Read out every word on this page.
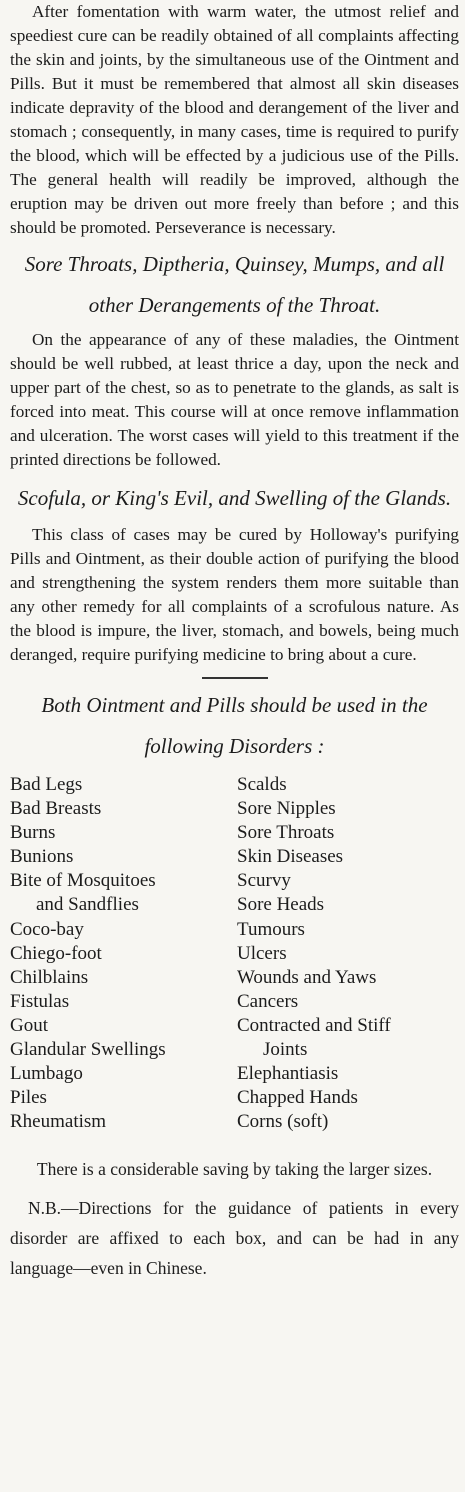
After fomentation with warm water, the utmost relief and speediest cure can be readily obtained of all complaints affecting the skin and joints, by the simultaneous use of the Ointment and Pills. But it must be remembered that almost all skin diseases indicate depravity of the blood and derangement of the liver and stomach ; consequently, in many cases, time is required to purify the blood, which will be effected by a judicious use of the Pills. The general health will readily be improved, although the eruption may be driven out more freely than before ; and this should be promoted. Perseverance is necessary.

Sore Throats, Diptheria, Quinsey, Mumps, and all other Derangements of the Throat.

On the appearance of any of these maladies, the Ointment should be well rubbed, at least thrice a day, upon the neck and upper part of the chest, so as to penetrate to the glands, as salt is forced into meat. This course will at once remove inflammation and ulceration. The worst cases will yield to this treatment if the printed directions be followed.

Scofula, or King's Evil, and Swelling of the Glands.

This class of cases may be cured by Holloway's purifying Pills and Ointment, as their double action of purifying the blood and strengthening the system renders them more suitable than any other remedy for all complaints of a scrofulous nature. As the blood is impure, the liver, stomach, and bowels, being much deranged, require purifying medicine to bring about a cure.

Both Ointment and Pills should be used in the following Disorders :

Bad Legs

Bad Breasts

Burns

Bunions

Bite of Mosquitoes

and Sandflies

Coco-bay

Chiego-foot

Chilblains

Fistulas

Gout

Glandular Swellings

Lumbago

Piles

Rheumatism

Scalds

Sore Nipples

Sore Throats

Skin Diseases

Scurvy

Sore Heads

Tumours

Ulcers

Wounds and Yaws

Cancers

Contracted and Stiff

Joints

Elephantiasis

Chapped Hands

Corns (soft)

There is a considerable saving by taking the larger sizes.

N.B.—Directions for the guidance of patients in every disorder are affixed to each box, and can be had in any language—even in Chinese.
